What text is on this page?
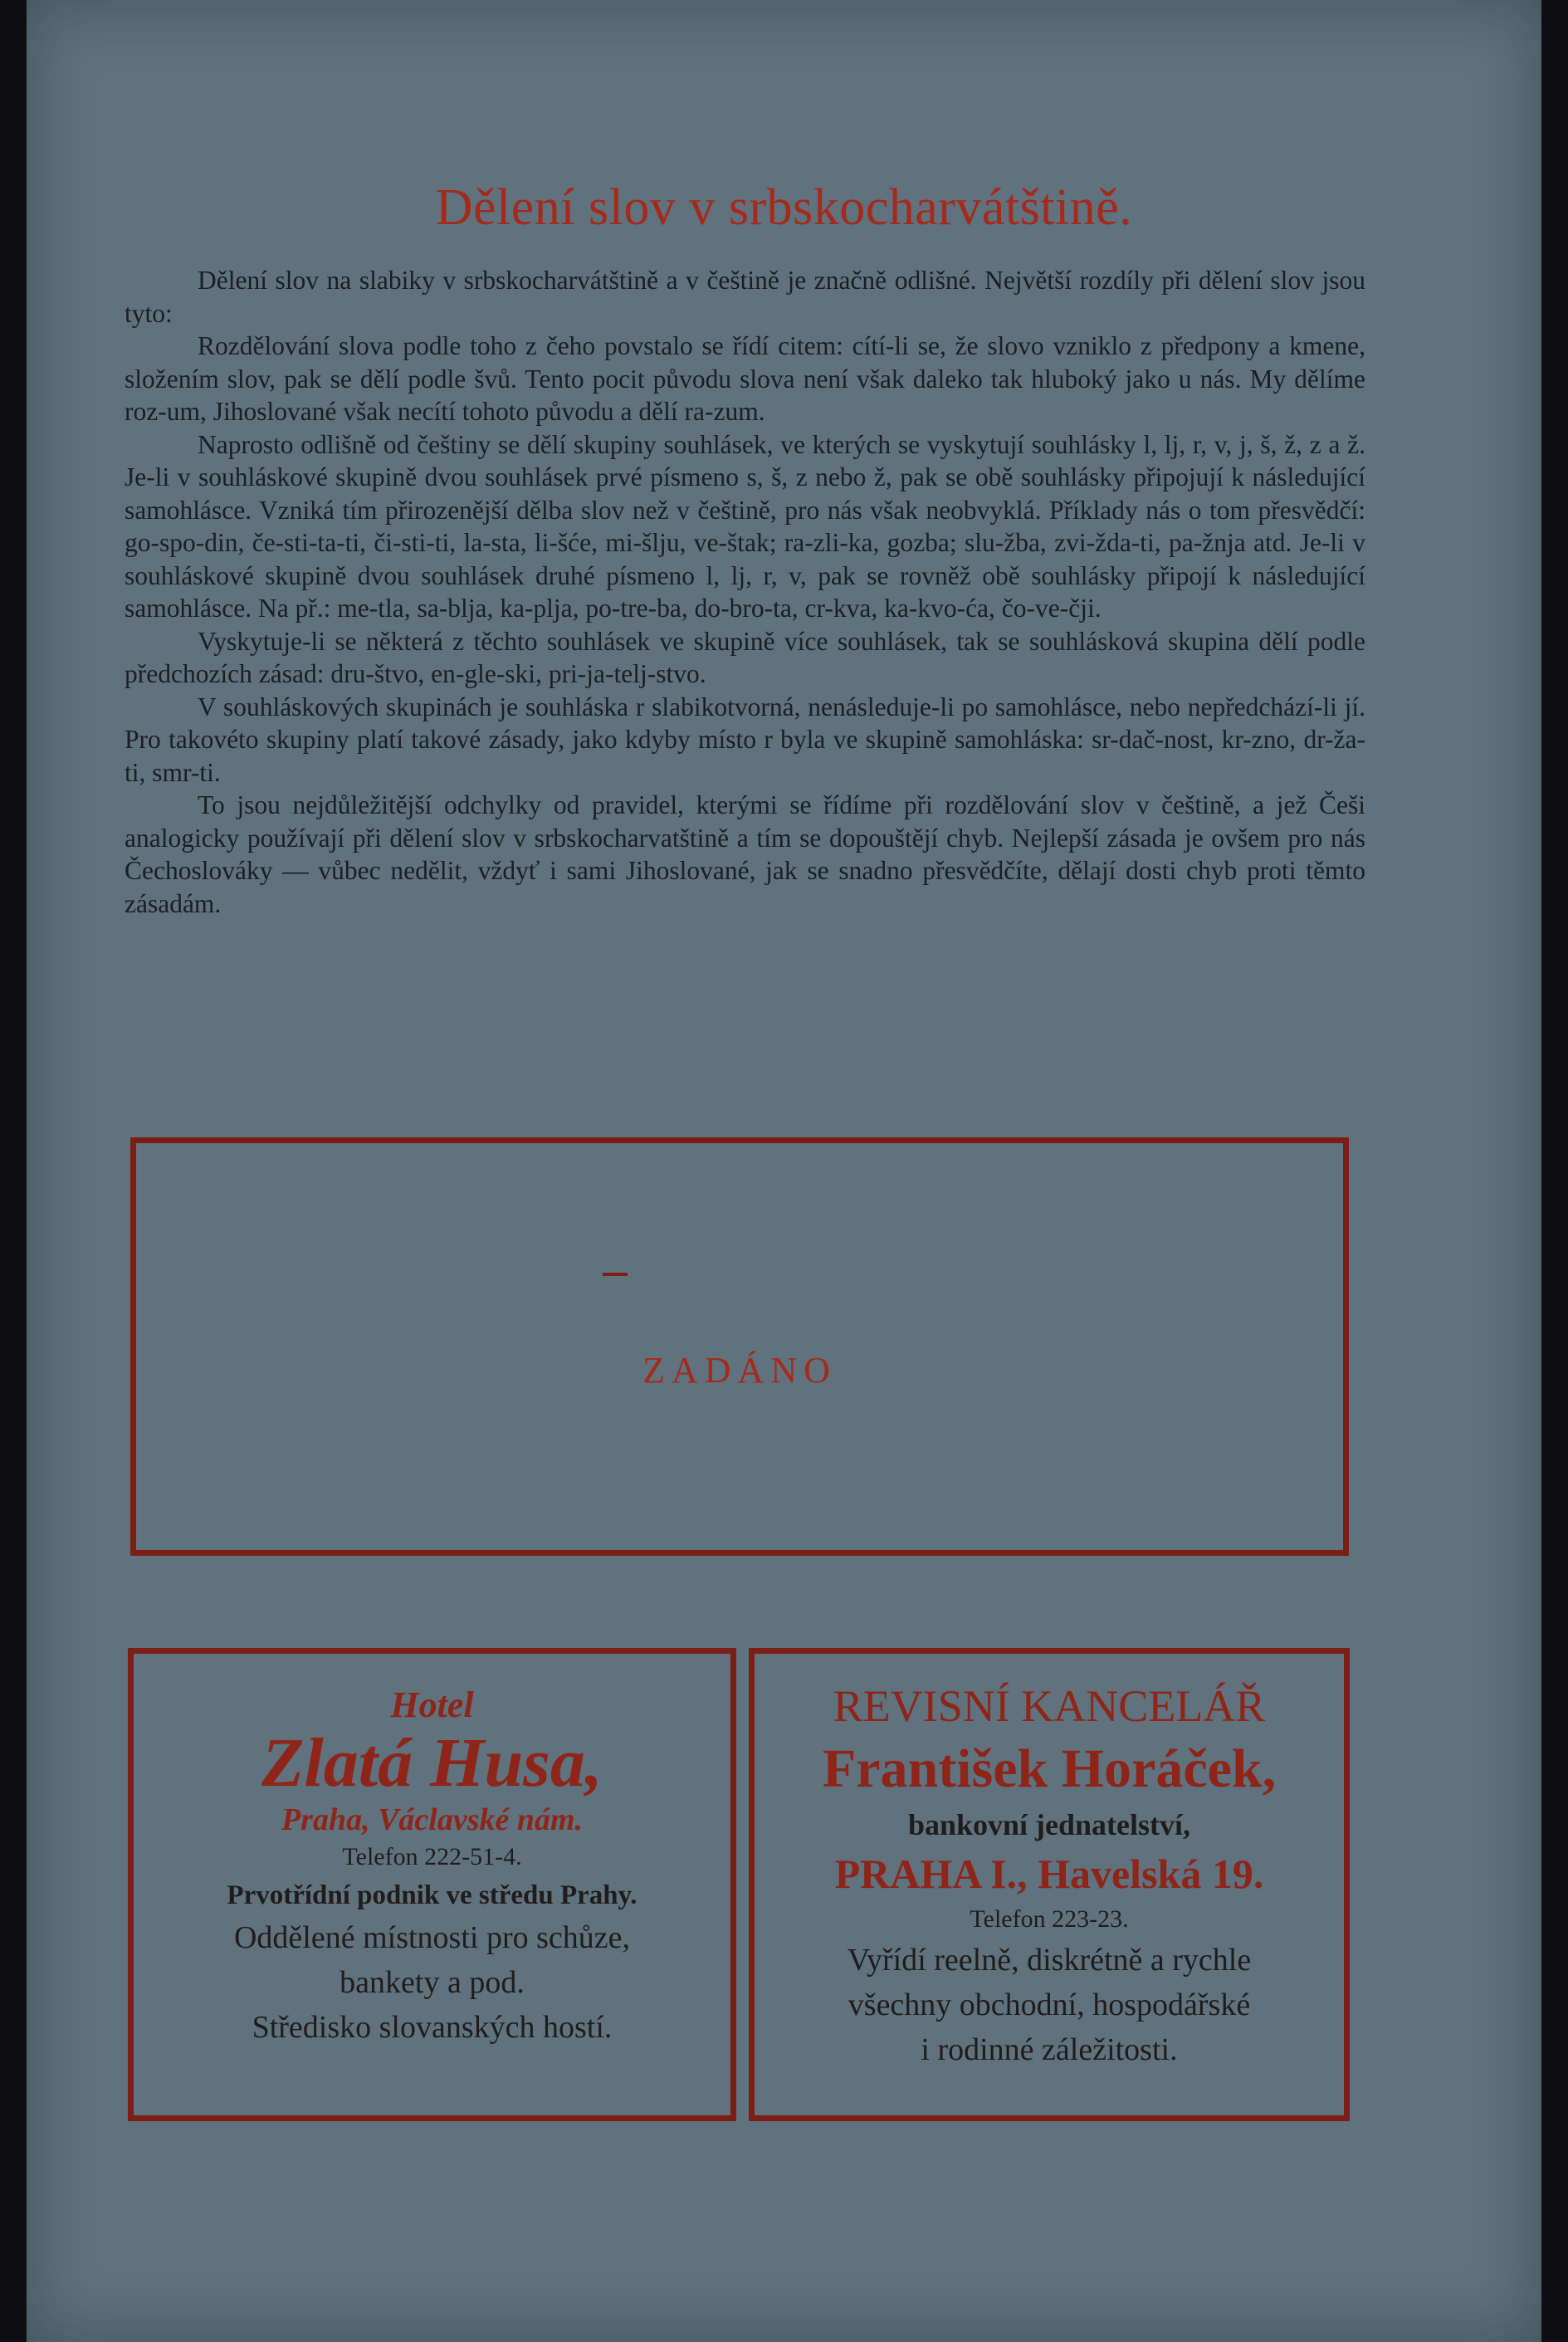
Dělení slov v srbskocharvátštině.

Dělení slov na slabiky v srbskocharvátštině a v češtině je značně odlišné. Největší rozdíly při dělení slov jsou tyto:

Rozdělování slova podle toho z čeho povstalo se řídí citem: cítí-li se, že slovo vzniklo z předpony a kmene, složením slov, pak se dělí podle švů. Tento pocit původu slova není však daleko tak hluboký jako u nás. My dělíme roz-um, Jihoslované však necítí tohoto původu a dělí ra-zum.

Naprosto odlišně od češtiny se dělí skupiny souhlásek, ve kterých se vyskytují souhlásky l, lj, r, v, j, š, ž, z a ž. Je-li v souhláskové skupině dvou souhlásek prvé písmeno s, š, z nebo ž, pak se obě souhlásky připojují k následující samohlásce. Vzniká tím přirozenější dělba slov než v češtině, pro nás však neobvyklá. Příklady nás o tom přesvědčí: go-spo-din, če-sti-ta-ti, či-sti-ti, la-sta, li-šće, mi-šlju, ve-štak; ra-zli-ka, gozba; slu-žba, zvi-žda-ti, pa-žnja atd. Je-li v souhláskové skupině dvou souhlásek druhé písmeno l, lj, r, v, pak se rovněž obě souhlásky připojí k následující samohlásce. Na př.: me-tla, sa-blja, ka-plja, po-tre-ba, do-bro-ta, cr-kva, ka-kvo-ća, čo-ve-čji.

Vyskytuje-li se některá z těchto souhlásek ve skupině více souhlásek, tak se souhlásková skupina dělí podle předchozích zásad: dru-štvo, en-gle-ski, pri-ja-telj-stvo.

V souhláskových skupinách je souhláska r slabikotvorná, nenásleduje-li po samohlásce, nebo nepředchází-li jí. Pro takovéto skupiny platí takové zásady, jako kdyby místo r byla ve skupině samohláska: sr-dač-nost, kr-zno, dr-ža-ti, smr-ti.

To jsou nejdůležitější odchylky od pravidel, kterými se řídíme při rozdělování slov v češtině, a jež Češi analogicky používají při dělení slov v srbskocharvatštině a tím se dopouštějí chyb. Nejlepší zásada je ovšem pro nás Čechoslováky — vůbec nedělit, vždyť i sami Jihoslované, jak se snadno přesvědčíte, dělají dosti chyb proti těmto zásadám.

ZADÁNO
Hotel
Zlatá Husa,
Praha, Václavské nám.
Telefon 222-51-4.
Prvotřídní podnik ve středu Prahy.
Oddělené místnosti pro schůze,
bankety a pod.
Středisko slovanských hostí.
REVISNÍ KANCELÁŘ
František Horáček,
bankovní jednatelství,
PRAHA I., Havelská 19.
Telefon 223-23.
Vyřídí reelně, diskrétně a rychle
všechny obchodní, hospodářské
i rodinné záležitosti.
